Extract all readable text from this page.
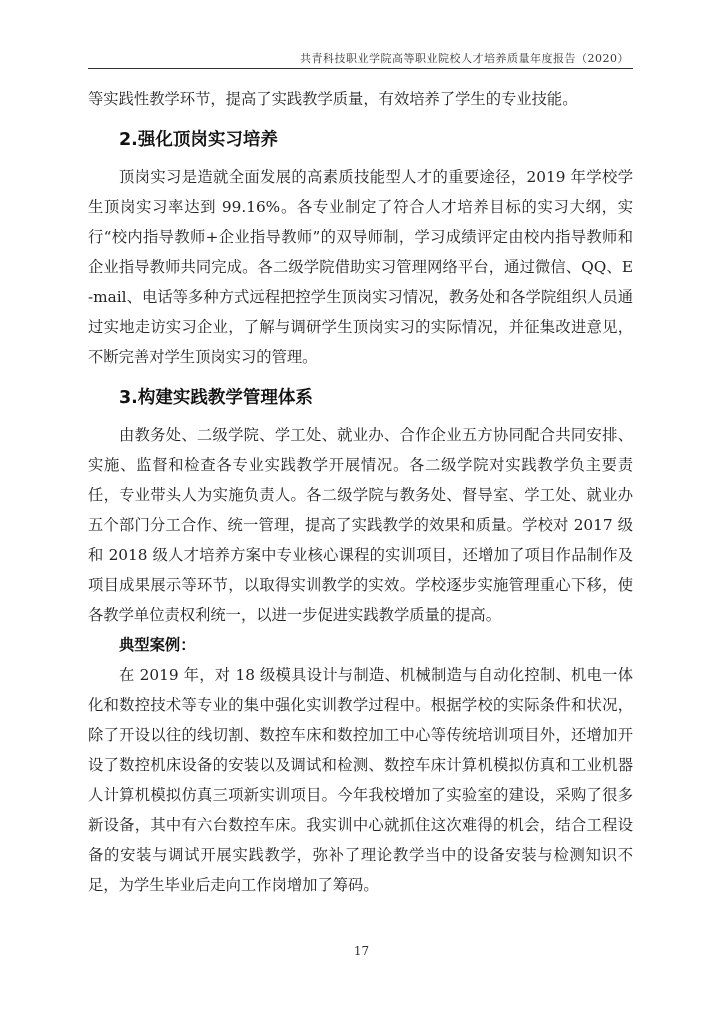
共青科技职业学院高等职业院校人才培养质量年度报告（2020）

等实践性教学环节，提高了实践教学质量，有效培养了学生的专业技能。

2.强化顶岗实习培养

顶岗实习是造就全面发展的高素质技能型人才的重要途径，2019 年学校学生顶岗实习率达到 99.16%。各专业制定了符合人才培养目标的实习大纲，实行“校内指导教师+企业指导教师”的双导师制，学习成绩评定由校内指导教师和企业指导教师共同完成。各二级学院借助实习管理网络平台，通过微信、QQ、E-mail、电话等多种方式远程把控学生顶岗实习情况，教务处和各学院组织人员通过实地走访实习企业，了解与调研学生顶岗实习的实际情况，并征集改进意见，不断完善对学生顶岗实习的管理。

3.构建实践教学管理体系

由教务处、二级学院、学工处、就业办、合作企业五方协同配合共同安排、实施、监督和检查各专业实践教学开展情况。各二级学院对实践教学负主要责任，专业带头人为实施负责人。各二级学院与教务处、督导室、学工处、就业办五个部门分工合作、统一管理，提高了实践教学的效果和质量。学校对 2017 级和 2018 级人才培养方案中专业核心课程的实训项目，还增加了项目作品制作及项目成果展示等环节，以取得实训教学的实效。学校逐步实施管理重心下移，使各教学单位责权利统一，以进一步促进实践教学质量的提高。

典型案例：

在 2019 年，对 18 级模具设计与制造、机械制造与自动化控制、机电一体化和数控技术等专业的集中强化实训教学过程中。根据学校的实际条件和状况，除了开设以往的线切割、数控车床和数控加工中心等传统培训项目外，还增加开设了数控机床设备的安装以及调试和检测、数控车床计算机模拟仿真和工业机器人计算机模拟仿真三项新实训项目。今年我校增加了实验室的建设，采购了很多新设备，其中有六台数控车床。我实训中心就抓住这次难得的机会，结合工程设备的安装与调试开展实践教学，弥补了理论教学当中的设备安装与检测知识不足，为学生毕业后走向工作岗增加了筹码。

17
